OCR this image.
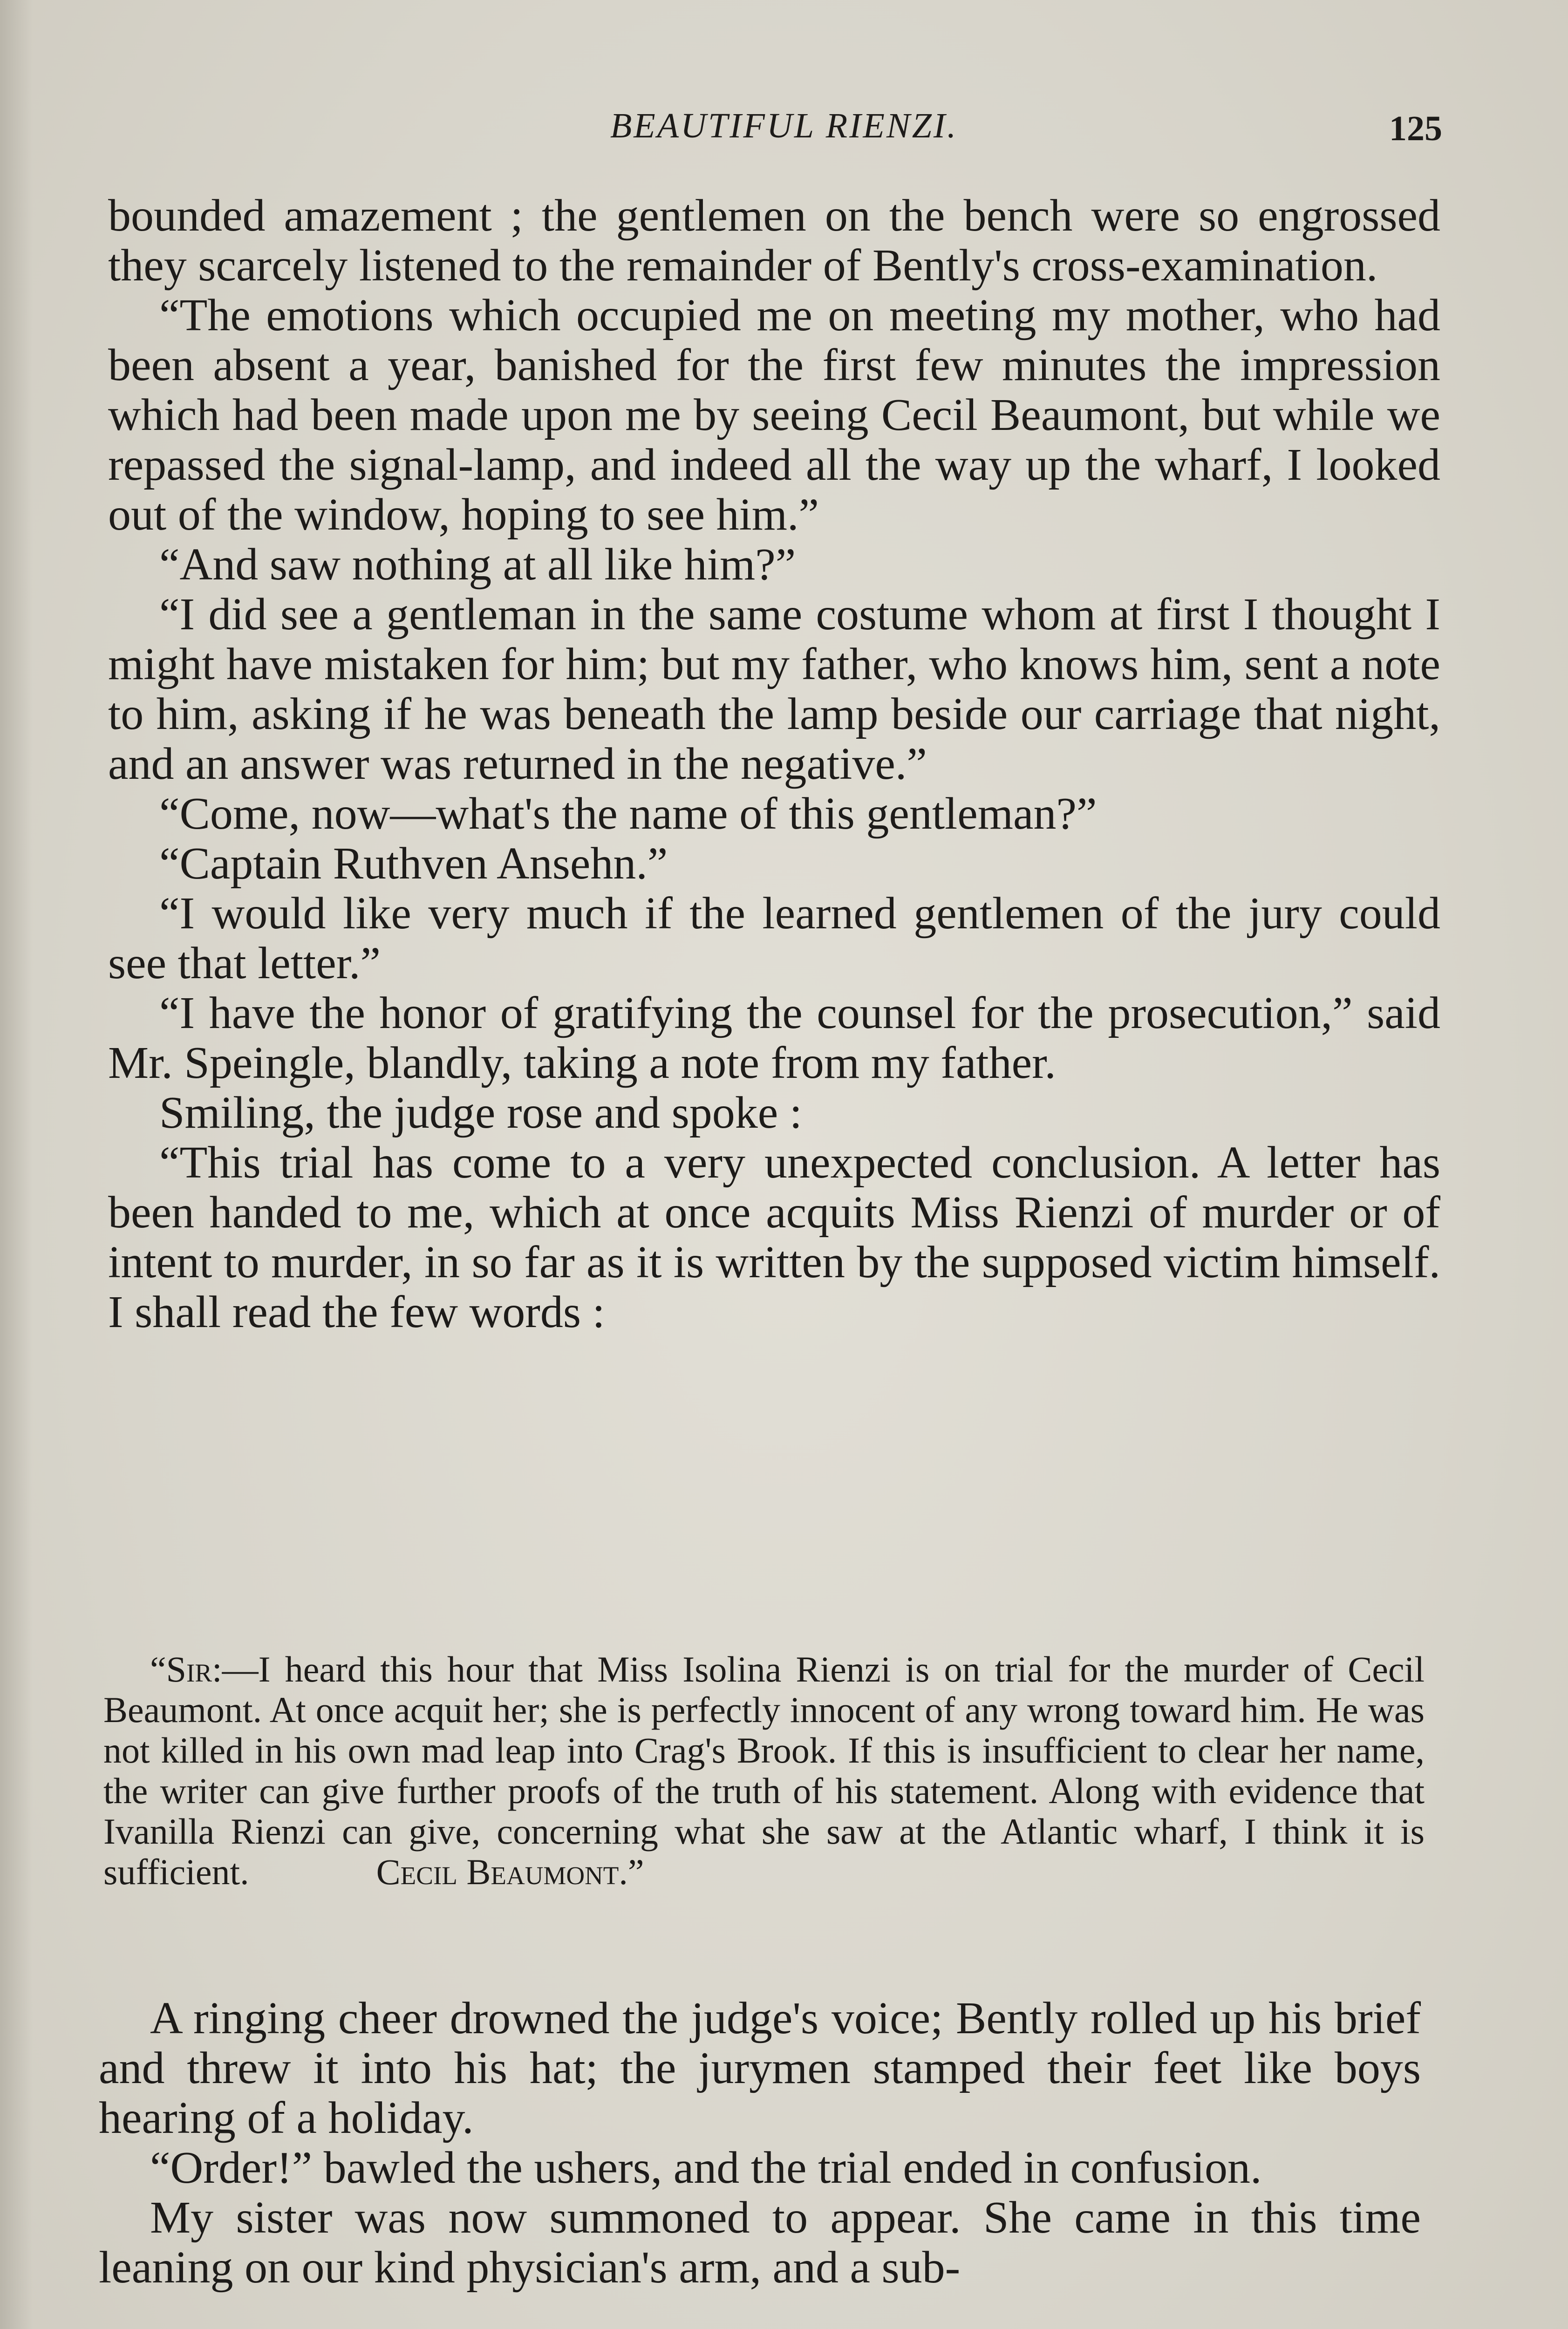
BEAUTIFUL RIENZI.	125

bounded amazement ; the gentlemen on the bench were so engrossed they scarcely listened to the remainder of Bently's cross-examination.

“The emotions which occupied me on meeting my mother, who had been absent a year, banished for the first few minutes the impression which had been made upon me by seeing Cecil Beaumont, but while we repassed the signal-lamp, and indeed all the way up the wharf, I looked out of the window, hoping to see him.”

“And saw nothing at all like him?”

“I did see a gentleman in the same costume whom at first I thought I might have mistaken for him; but my father, who knows him, sent a note to him, asking if he was beneath the lamp beside our carriage that night, and an answer was returned in the negative.”

“Come, now—what's the name of this gentleman?”

“Captain Ruthven Ansehn.”

“I would like very much if the learned gentlemen of the jury could see that letter.”

“I have the honor of gratifying the counsel for the prosecution,” said Mr. Speingle, blandly, taking a note from my father.

Smiling, the judge rose and spoke :

“This trial has come to a very unexpected conclusion. A letter has been handed to me, which at once acquits Miss Rienzi of murder or of intent to murder, in so far as it is written by the supposed victim himself. I shall read the few words :

“Sir:—I heard this hour that Miss Isolina Rienzi is on trial for the murder of Cecil Beaumont. At once acquit her; she is perfectly innocent of any wrong toward him. He was not killed in his own mad leap into Crag's Brook. If this is insufficient to clear her name, the writer can give further proofs of the truth of his statement. Along with evidence that Ivanilla Rienzi can give, concerning what she saw at the Atlantic wharf, I think it is sufficient.	Cecil Beaumont.”

A ringing cheer drowned the judge's voice; Bently rolled up his brief and threw it into his hat; the jurymen stamped their feet like boys hearing of a holiday.

“Order!” bawled the ushers, and the trial ended in confusion.

My sister was now summoned to appear. She came in this time leaning on our kind physician's arm, and a sub-
